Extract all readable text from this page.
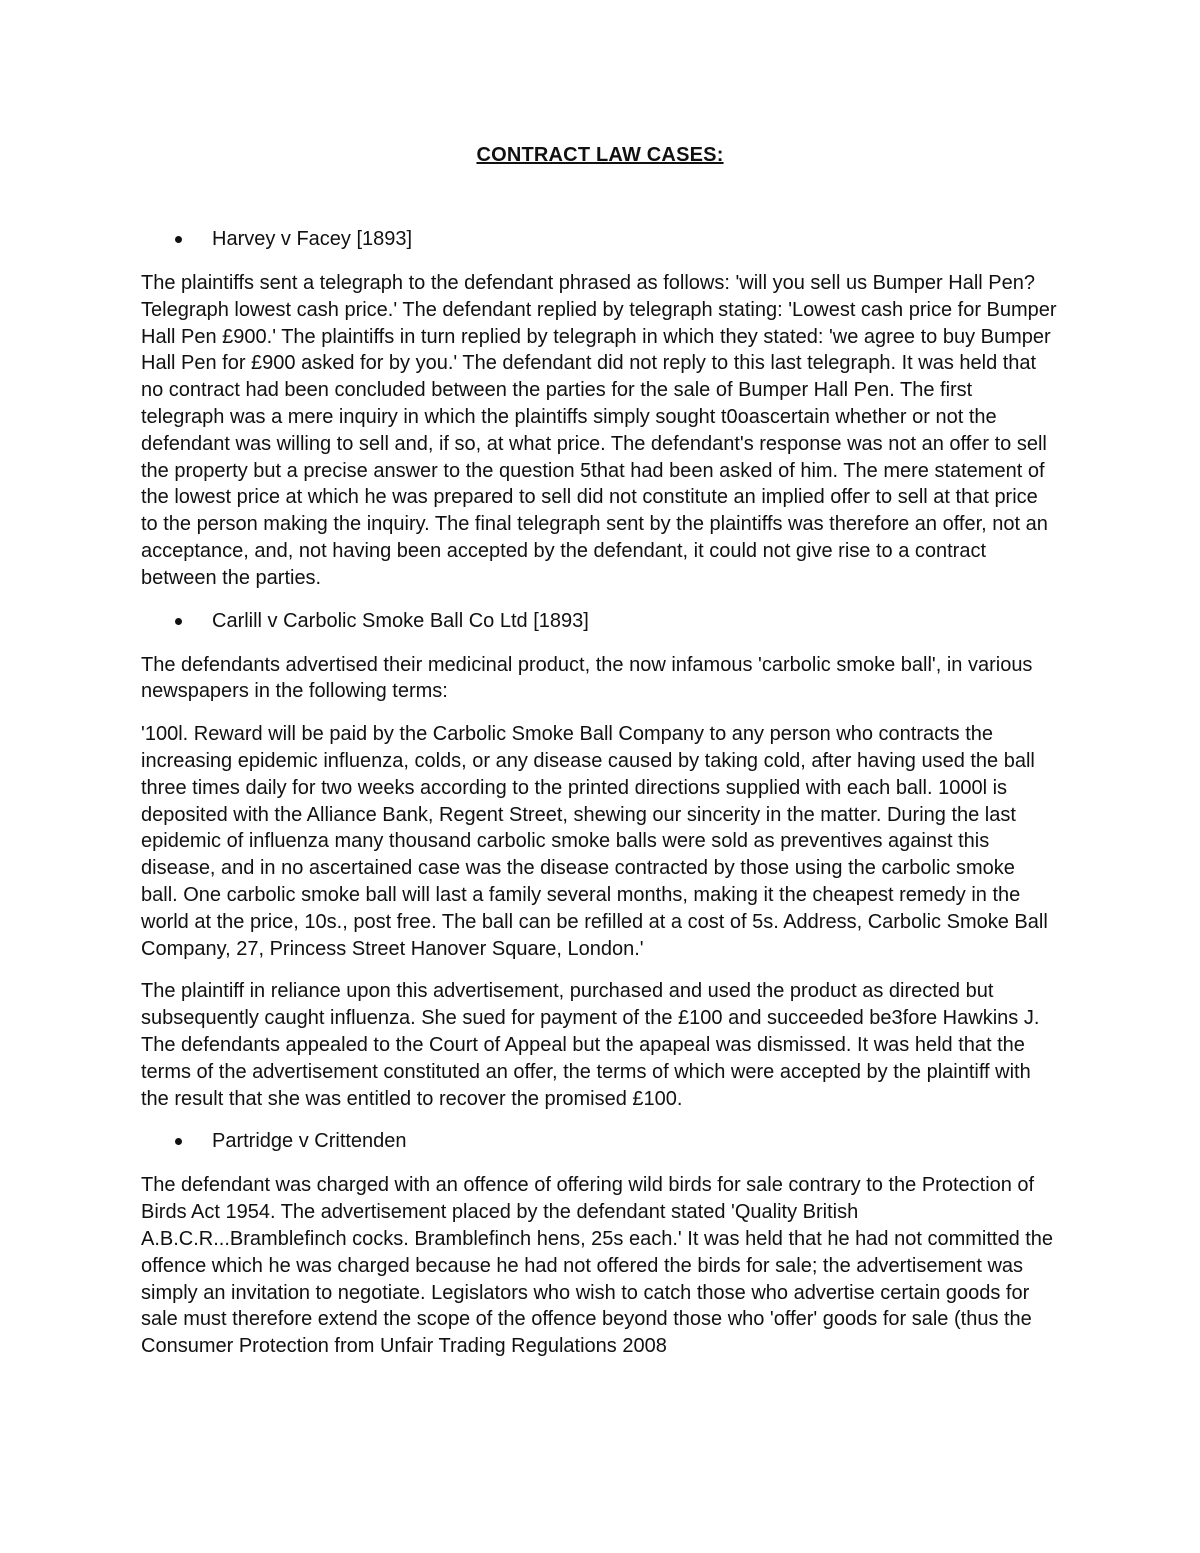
CONTRACT LAW CASES:
Harvey v Facey [1893]

The plaintiffs sent a telegraph to the defendant phrased as follows: 'will you sell us Bumper Hall Pen? Telegraph lowest cash price.' The defendant replied by telegraph stating: 'Lowest cash price for Bumper Hall Pen £900.' The plaintiffs in turn replied by telegraph in which they stated: 'we agree to buy Bumper Hall Pen for £900 asked for by you.' The defendant did not reply to this last telegraph. It was held that no contract had been concluded between the parties for the sale of Bumper Hall Pen. The first telegraph was a mere inquiry in which the plaintiffs simply sought t0oascertain whether or not the defendant was willing to sell and, if so, at what price. The defendant's response was not an offer to sell the property but a precise answer to the question 5that had been asked of him. The mere statement of the lowest price at which he was prepared to sell did not constitute an implied offer to sell at that price to the person making the inquiry. The final telegraph sent by the plaintiffs was therefore an offer, not an acceptance, and, not having been accepted by the defendant, it could not give rise to a contract between the parties.

Carlill v Carbolic Smoke Ball Co Ltd [1893]

The defendants advertised their medicinal product, the now infamous 'carbolic smoke ball', in various newspapers in the following terms:

'100l. Reward will be paid by the Carbolic Smoke Ball Company to any person who contracts the increasing epidemic influenza, colds, or any disease caused by taking cold, after having used the ball three times daily for two weeks according to the printed directions supplied with each ball. 1000l is deposited with the Alliance Bank, Regent Street, shewing our sincerity in the matter. During the last epidemic of influenza many thousand carbolic smoke balls were sold as preventives against this disease, and in no ascertained case was the disease contracted by those using the carbolic smoke ball. One carbolic smoke ball will last a family several months, making it the cheapest remedy in the world at the price, 10s., post free. The ball can be refilled at a cost of 5s. Address, Carbolic Smoke Ball Company, 27, Princess Street Hanover Square, London.'

The plaintiff in reliance upon this advertisement, purchased and used the product as directed but subsequently caught influenza. She sued for payment of the £100 and succeeded be3fore Hawkins J. The defendants appealed to the Court of Appeal but the apapeal was dismissed. It was held that the terms of the advertisement constituted an offer, the terms of which were accepted by the plaintiff with the result that she was entitled to recover the promised £100.

Partridge v Crittenden

The defendant was charged with an offence of offering wild birds for sale contrary to the Protection of Birds Act 1954. The advertisement placed by the defendant stated 'Quality British A.B.C.R...Bramblefinch cocks. Bramblefinch hens, 25s each.' It was held that he had not committed the offence which he was charged because he had not offered the birds for sale; the advertisement was simply an invitation to negotiate. Legislators who wish to catch those who advertise certain goods for sale must therefore extend the scope of the offence beyond those who 'offer' goods for sale (thus the Consumer Protection from Unfair Trading Regulations 2008
